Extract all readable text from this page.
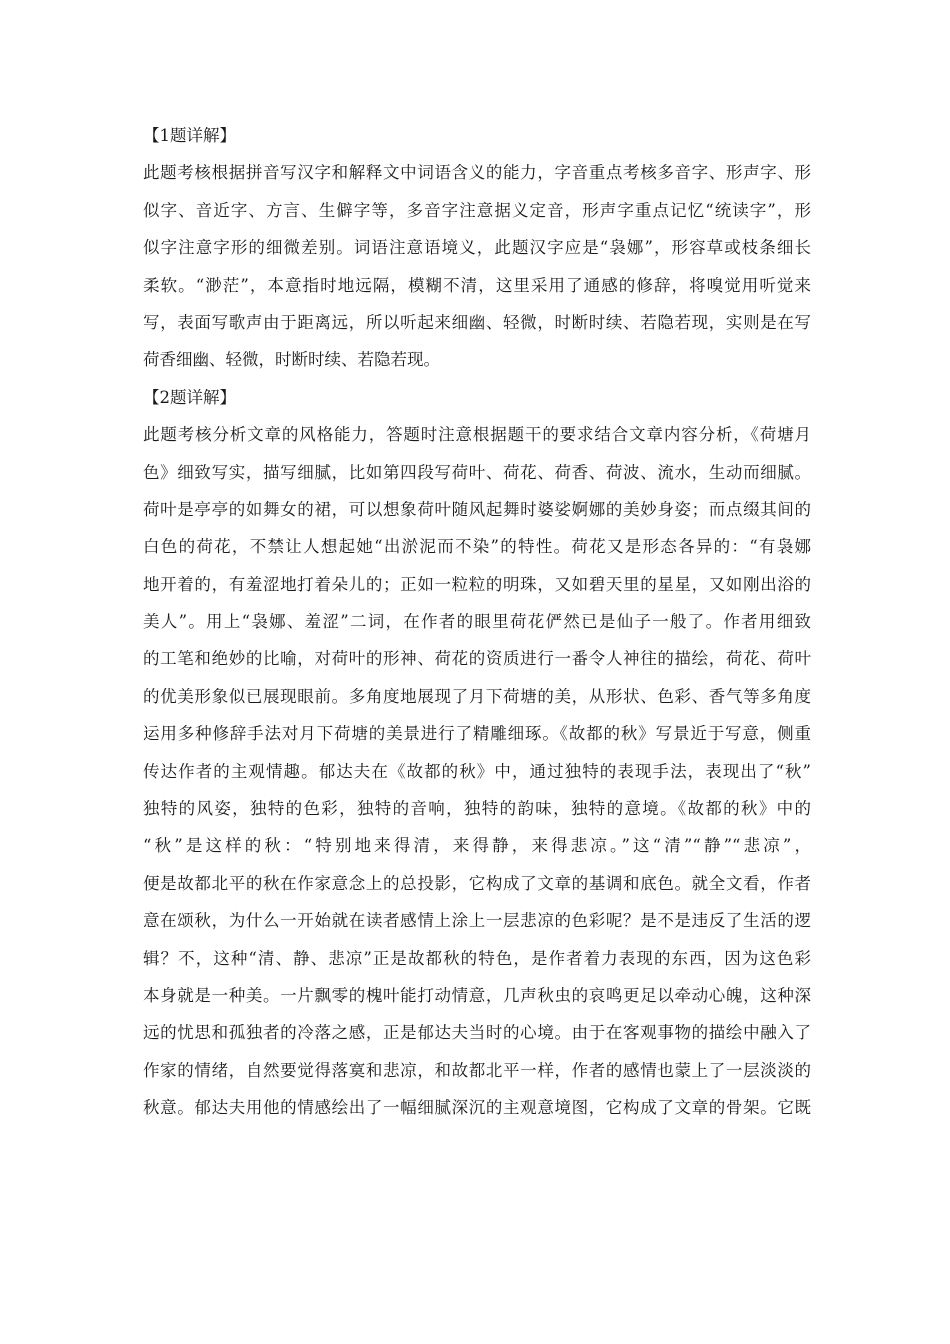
【1题详解】
此题考核根据拼音写汉字和解释文中词语含义的能力，字音重点考核多音字、形声字、形
似字、音近字、方言、生僻字等，多音字注意据义定音，形声字重点记忆“统读字”，形
似字注意字形的细微差别。词语注意语境义，此题汉字应是“袅娜”，形容草或枝条细长
柔软。“渺茫”，本意指时地远隔，模糊不清，这里采用了通感的修辞，将嗅觉用听觉来
写，表面写歌声由于距离远，所以听起来细幽、轻微，时断时续、若隐若现，实则是在写
荷香细幽、轻微，时断时续、若隐若现。
【2题详解】
此题考核分析文章的风格能力，答题时注意根据题干的要求结合文章内容分析，《荷塘月
色》细致写实，描写细腻，比如第四段写荷叶、荷花、荷香、荷波、流水，生动而细腻。
荷叶是亭亭的如舞女的裙，可以想象荷叶随风起舞时婆娑婀娜的美妙身姿；而点缀其间的
白色的荷花，不禁让人想起她“出淤泥而不染”的特性。荷花又是形态各异的：“有袅娜
地开着的，有羞涩地打着朵儿的；正如一粒粒的明珠，又如碧天里的星星，又如刚出浴的
美人”。用上“袅娜、羞涩”二词，在作者的眼里荷花俨然已是仙子一般了。作者用细致
的工笔和绝妙的比喻，对荷叶的形神、荷花的资质进行一番令人神往的描绘，荷花、荷叶
的优美形象似已展现眼前。多角度地展现了月下荷塘的美，从形状、色彩、香气等多角度
运用多种修辞手法对月下荷塘的美景进行了精雕细琢。《故都的秋》写景近于写意，侧重
传达作者的主观情趣。郁达夫在《故都的秋》中，通过独特的表现手法，表现出了“秋”
独特的风姿，独特的色彩，独特的音响，独特的韵味，独特的意境。《故都的秋》中的
“秋”是这样的秋：“特别地来得清，来得静，来得悲凉。”这“清”“静”“悲凉”，
便是故都北平的秋在作家意念上的总投影，它构成了文章的基调和底色。就全文看，作者
意在颂秋，为什么一开始就在读者感情上涂上一层悲凉的色彩呢？是不是违反了生活的逻
辑？不，这种“清、静、悲凉”正是故都秋的特色，是作者着力表现的东西，因为这色彩
本身就是一种美。一片飘零的槐叶能打动情意，几声秋虫的哀鸣更足以牵动心魄，这种深
远的忧思和孤独者的冷落之感，正是郁达夫当时的心境。由于在客观事物的描绘中融入了
作家的情绪，自然要觉得落寞和悲凉，和故都北平一样，作者的感情也蒙上了一层淡淡的
秋意。郁达夫用他的情感绘出了一幅细腻深沉的主观意境图，它构成了文章的骨架。它既
